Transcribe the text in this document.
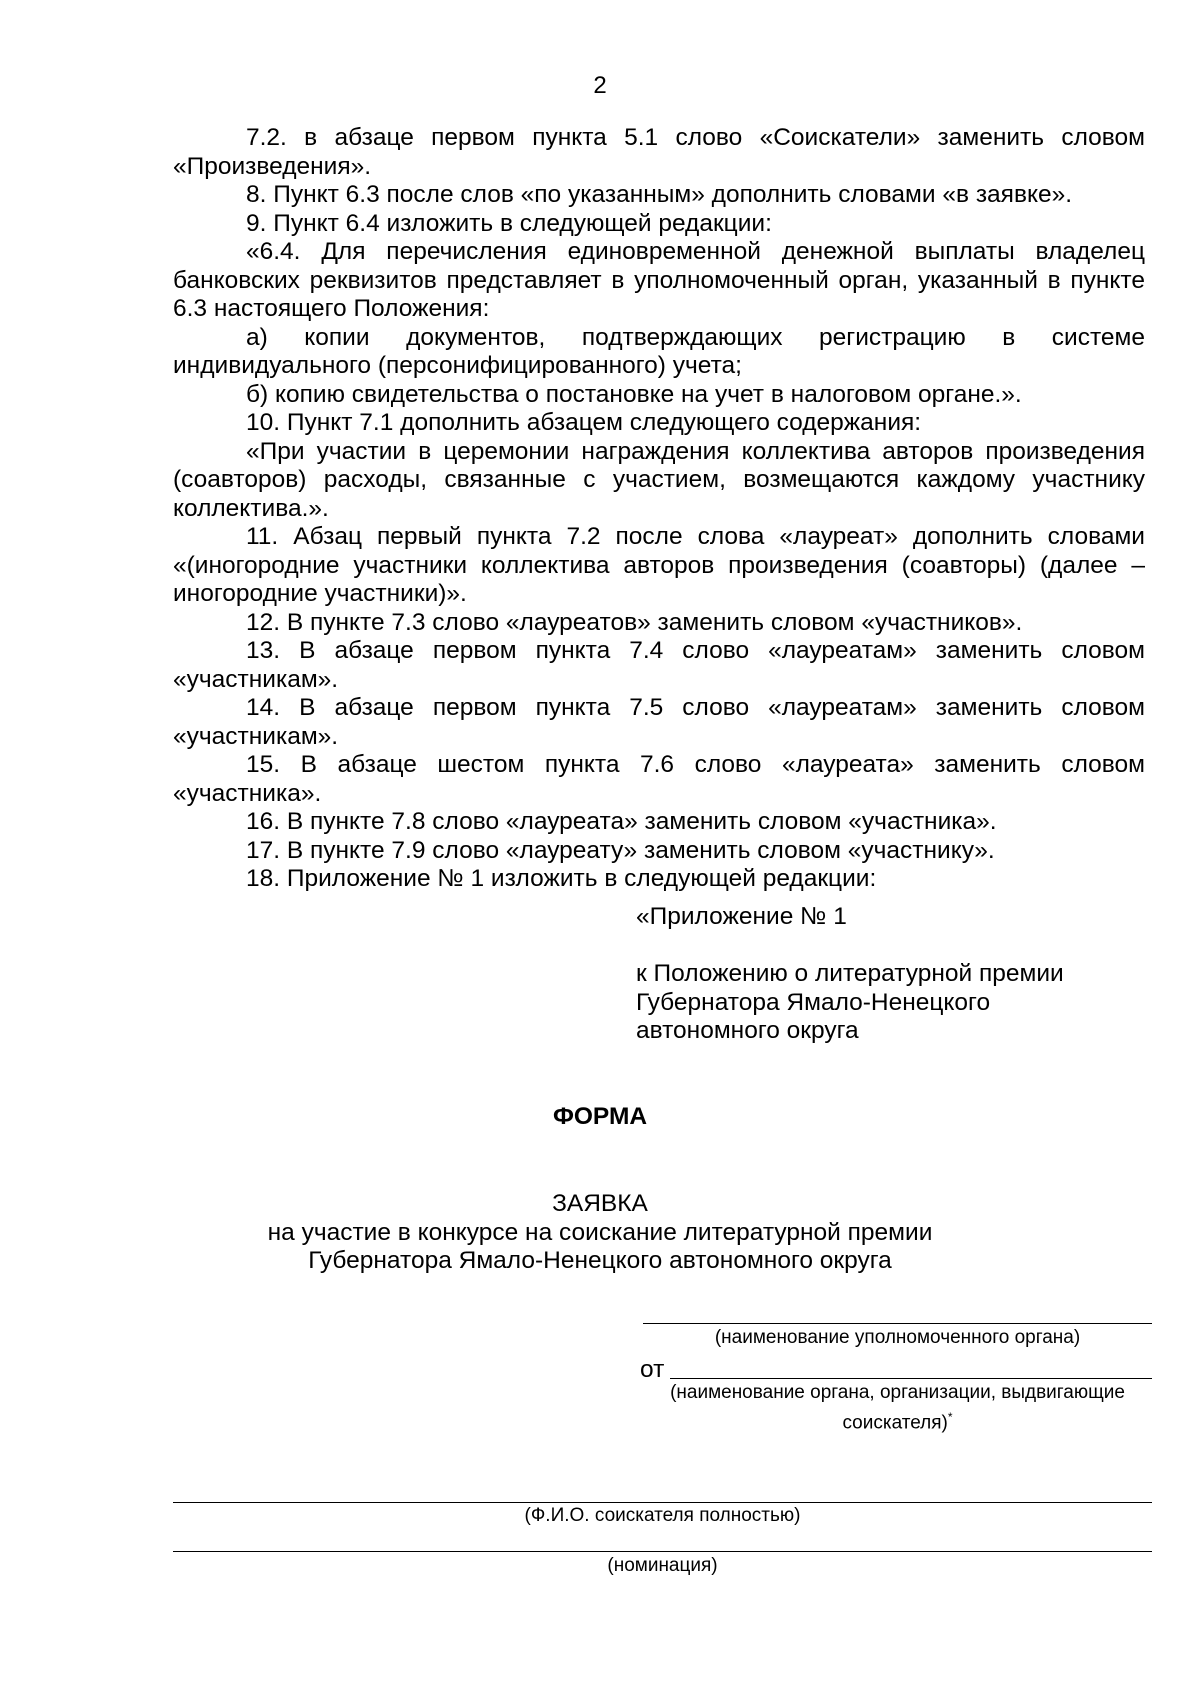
2

7.2. в абзаце первом пункта 5.1 слово «Соискатели» заменить словом «Произведения».

8. Пункт 6.3 после слов «по указанным» дополнить словами «в заявке».

9. Пункт 6.4 изложить в следующей редакции:

«6.4. Для перечисления единовременной денежной выплаты владелец банковских реквизитов представляет в уполномоченный орган, указанный в пункте 6.3 настоящего Положения:

а) копии документов, подтверждающих регистрацию в системе индивидуального (персонифицированного) учета;

б) копию свидетельства о постановке на учет в налоговом органе.».

10. Пункт 7.1 дополнить абзацем следующего содержания:

«При участии в церемонии награждения коллектива авторов произведения (соавторов) расходы, связанные с участием, возмещаются каждому участнику коллектива.».

11. Абзац первый пункта 7.2 после слова «лауреат» дополнить словами «(иногородние участники коллектива авторов произведения (соавторы) (далее – иногородние участники)».

12. В пункте 7.3 слово «лауреатов» заменить словом «участников».

13. В абзаце первом пункта 7.4 слово «лауреатам» заменить словом «участникам».

14. В абзаце первом пункта 7.5 слово «лауреатам» заменить словом «участникам».

15. В абзаце шестом пункта 7.6 слово «лауреата» заменить словом «участника».

16. В пункте 7.8 слово «лауреата» заменить словом «участника».

17. В пункте 7.9 слово «лауреату» заменить словом «участнику».

18. Приложение № 1 изложить в следующей редакции:

«Приложение № 1
к Положению о литературной премии
Губернатора Ямало-Ненецкого
автономного округа
ФОРМА
ЗАЯВКА
на участие в конкурсе на соискание литературной премии
Губернатора Ямало-Ненецкого автономного округа
(наименование уполномоченного органа)
от
(наименование органа, организации, выдвигающие
соискателя)*
(Ф.И.О. соискателя полностью)
(номинация)
